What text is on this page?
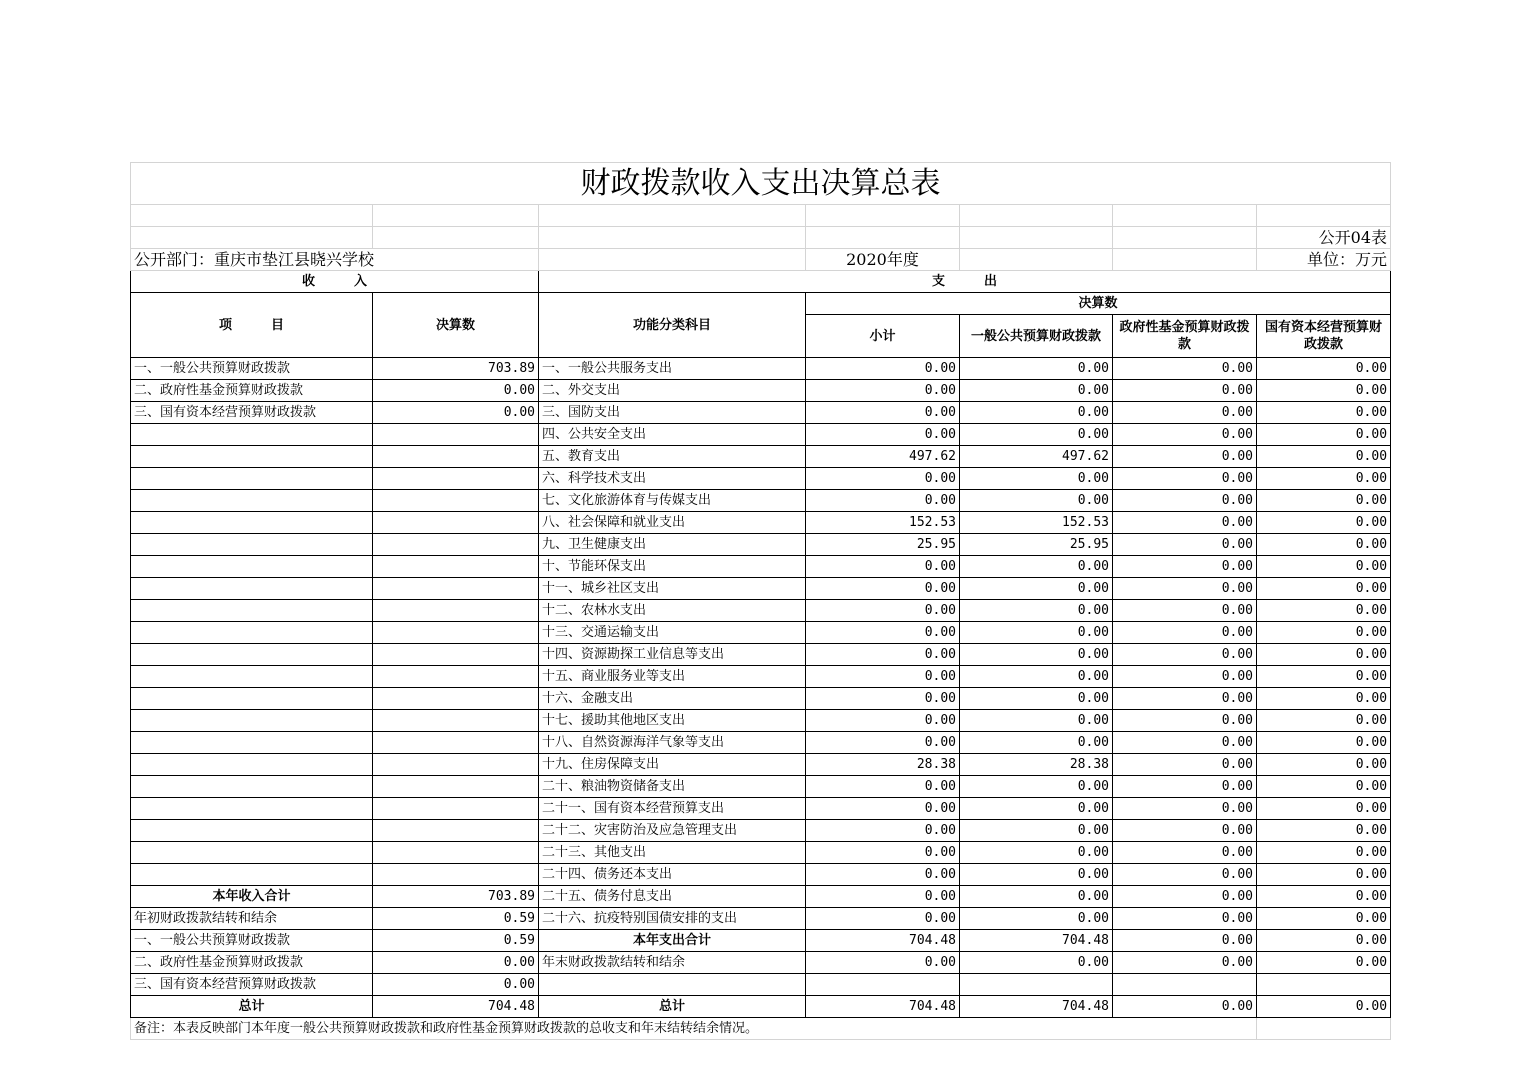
财政拨款收入支出决算总表						

						公开04表
公开部门：重庆市垫江县晓兴学校			2020年度			单位：万元
收　　　入		支　　　出				
项　　　目	决算数	功能分类科目	决算数			
			小计	一般公共预算财政拨款	政府性基金预算财政拨款	国有资本经营预算财政拨款
一、一般公共预算财政拨款	703.89	一、一般公共服务支出	0.00	0.00	0.00	0.00
二、政府性基金预算财政拨款	0.00	二、外交支出	0.00	0.00	0.00	0.00
三、国有资本经营预算财政拨款	0.00	三、国防支出	0.00	0.00	0.00	0.00
		四、公共安全支出	0.00	0.00	0.00	0.00
		五、教育支出	497.62	497.62	0.00	0.00
		六、科学技术支出	0.00	0.00	0.00	0.00
		七、文化旅游体育与传媒支出	0.00	0.00	0.00	0.00
		八、社会保障和就业支出	152.53	152.53	0.00	0.00
		九、卫生健康支出	25.95	25.95	0.00	0.00
		十、节能环保支出	0.00	0.00	0.00	0.00
		十一、城乡社区支出	0.00	0.00	0.00	0.00
		十二、农林水支出	0.00	0.00	0.00	0.00
		十三、交通运输支出	0.00	0.00	0.00	0.00
		十四、资源勘探工业信息等支出	0.00	0.00	0.00	0.00
		十五、商业服务业等支出	0.00	0.00	0.00	0.00
		十六、金融支出	0.00	0.00	0.00	0.00
		十七、援助其他地区支出	0.00	0.00	0.00	0.00
		十八、自然资源海洋气象等支出	0.00	0.00	0.00	0.00
		十九、住房保障支出	28.38	28.38	0.00	0.00
		二十、粮油物资储备支出	0.00	0.00	0.00	0.00
		二十一、国有资本经营预算支出	0.00	0.00	0.00	0.00
		二十二、灾害防治及应急管理支出	0.00	0.00	0.00	0.00
		二十三、其他支出	0.00	0.00	0.00	0.00
		二十四、债务还本支出	0.00	0.00	0.00	0.00
本年收入合计	703.89	二十五、债务付息支出	0.00	0.00	0.00	0.00
年初财政拨款结转和结余	0.59	二十六、抗疫特别国债安排的支出	0.00	0.00	0.00	0.00
一、一般公共预算财政拨款	0.59	本年支出合计	704.48	704.48	0.00	0.00
二、政府性基金预算财政拨款	0.00	年末财政拨款结转和结余	0.00	0.00	0.00	0.00
三、国有资本经营预算财政拨款	0.00					
总计	704.48	总计	704.48	704.48	0.00	0.00
备注：本表反映部门本年度一般公共预算财政拨款和政府性基金预算财政拨款的总收支和年末结转结余情况。						
